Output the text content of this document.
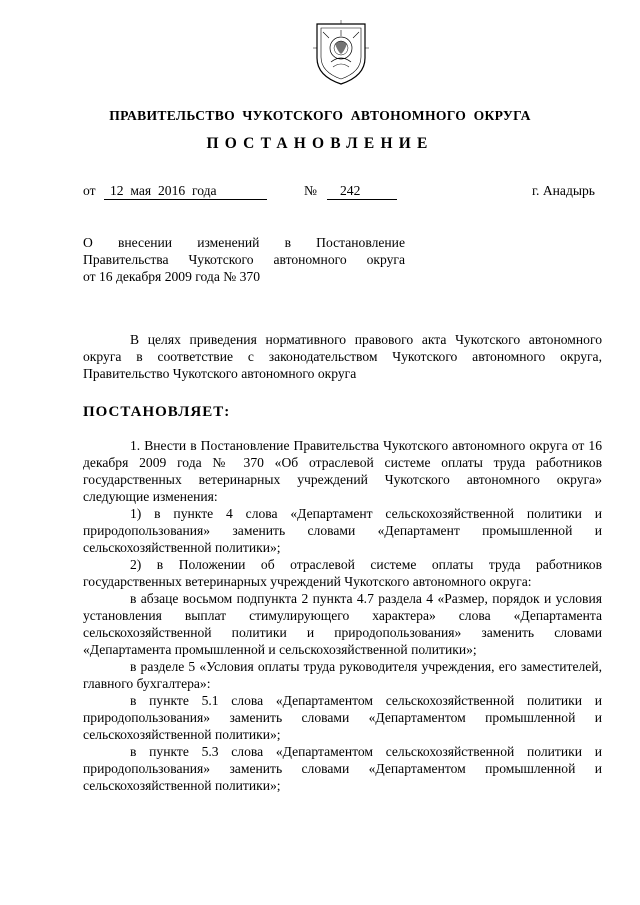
ПРАВИТЕЛЬСТВО  ЧУКОТСКОГО  АВТОНОМНОГО  ОКРУГА
ПОСТАНОВЛЕНИЕ
от 12  мая  2016  года	№ 242	г. Анадырь
О внесении изменений в Постановление
Правительства Чукотского автономного округа
от 16 декабря 2009 года № 370

В целях приведения нормативного правового акта Чукотского автономного округа в соответствие с законодательством Чукотского автономного округа, Правительство Чукотского автономного округа

ПОСТАНОВЛЯЕТ:

1. Внести в Постановление Правительства Чукотского автономного округа от 16 декабря 2009 года № 370 «Об отраслевой системе оплаты труда работников государственных ветеринарных учреждений Чукотского автономного округа» следующие изменения:

1) в пункте 4 слова «Департамент сельскохозяйственной политики и природопользования» заменить словами «Департамент промышленной и сельскохозяйственной политики»;

2) в Положении об отраслевой системе оплаты труда работников государственных ветеринарных учреждений Чукотского автономного округа:

в абзаце восьмом подпункта 2 пункта 4.7 раздела 4 «Размер, порядок и условия установления выплат стимулирующего характера» слова «Департамента сельскохозяйственной политики и природопользования» заменить словами «Департамента промышленной и сельскохозяйственной политики»;

в разделе 5 «Условия оплаты труда руководителя учреждения, его заместителей, главного бухгалтера»:

в пункте 5.1 слова «Департаментом сельскохозяйственной политики и природопользования» заменить словами «Департаментом промышленной и сельскохозяйственной политики»;

в пункте 5.3 слова «Департаментом сельскохозяйственной политики и природопользования» заменить словами «Департаментом промышленной и сельскохозяйственной политики»;
